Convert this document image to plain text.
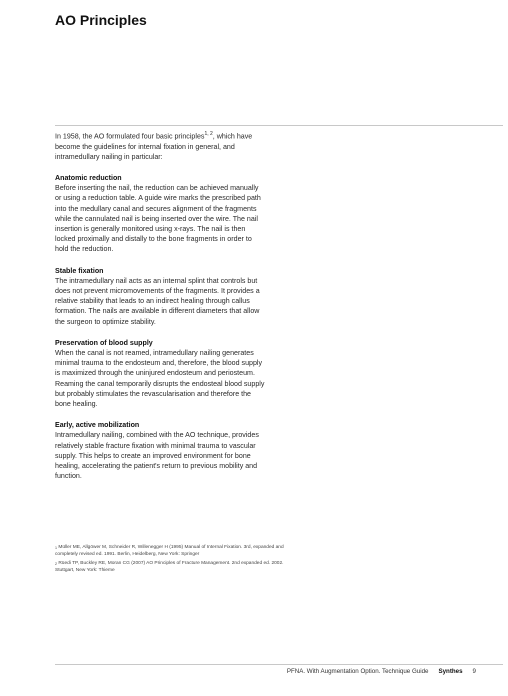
AO Principles

In 1958, the AO formulated four basic principles$^{1, 2}$, which have become the guidelines for internal fixation in general, and intramedullary nailing in particular:

Anatomic reduction

Before inserting the nail, the reduction can be achieved manually or using a reduction table. A guide wire marks the prescribed path into the medullary canal and secures alignment of the fragments while the cannulated nail is being inserted over the wire. The nail insertion is generally monitored using x-rays. The nail is then locked proximally and distally to the bone fragments in order to hold the reduction.

Stable fixation

The intramedullary nail acts as an internal splint that controls but does not prevent micromovements of the fragments. It provides a relative stability that leads to an indirect healing through callus formation. The nails are available in different diameters that allow the surgeon to optimize stability.

Preservation of blood supply

When the canal is not reamed, intramedullary nailing generates minimal trauma to the endosteum and, therefore, the blood supply is maximized through the uninjured endosteum and periosteum. Reaming the canal temporarily disrupts the endosteal blood supply but probably stimulates the revascularisation and therefore the bone healing.

Early, active mobilization

Intramedullary nailing, combined with the AO technique, provides relatively stable fracture fixation with minimal trauma to vascular supply. This helps to create an improved environment for bone healing, accelerating the patient's return to previous mobility and function.

$^1$ Müller ME, Allgöwer M, Schneider R, Willenegger H (1995) Manual of Internal Fixation. 3rd, expanded and completely revised ed. 1991. Berlin, Heidelberg, New York: Springer
$^2$ Rüedi TP, Buckley RE, Moran CG (2007) AO Principles of Fracture Management. 2nd expanded ed. 2002. Stuttgart, New York: Thieme
PFNA. With Augmentation Option. Technique Guide Synthes 9
